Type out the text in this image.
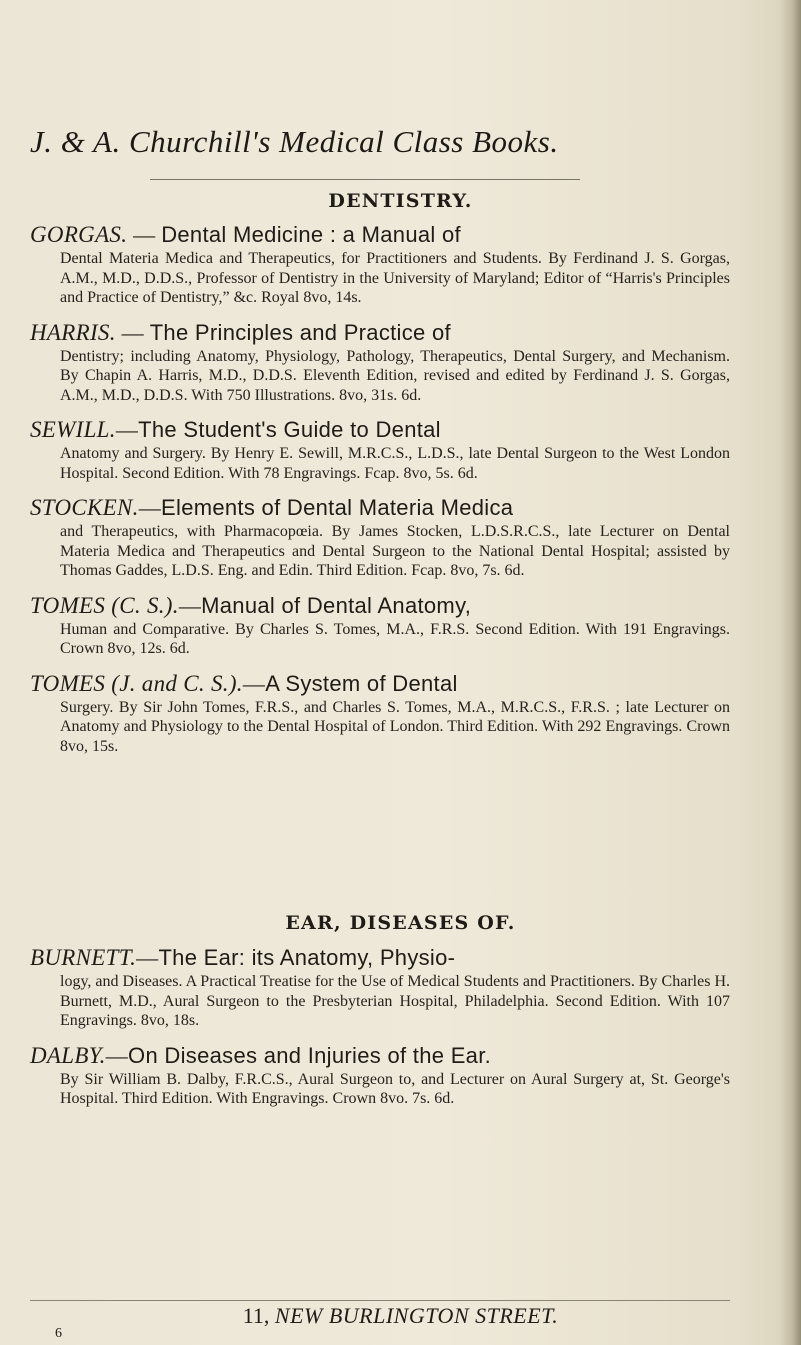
J. & A. Churchill's Medical Class Books.
DENTISTRY.
GORGAS. — Dental Medicine : a Manual of
Dental Materia Medica and Therapeutics, for Practitioners and Students. By Ferdinand J. S. Gorgas, A.M., M.D., D.D.S., Professor of Dentistry in the University of Maryland; Editor of “Harris's Principles and Practice of Dentistry,” &c. Royal 8vo, 14s.
HARRIS. — The Principles and Practice of
Dentistry; including Anatomy, Physiology, Pathology, Therapeutics, Dental Surgery, and Mechanism. By Chapin A. Harris, M.D., D.D.S. Eleventh Edition, revised and edited by Ferdinand J. S. Gorgas, A.M., M.D., D.D.S. With 750 Illustrations. 8vo, 31s. 6d.
SEWILL.—The Student's Guide to Dental
Anatomy and Surgery. By Henry E. Sewill, M.R.C.S., L.D.S., late Dental Surgeon to the West London Hospital. Second Edition. With 78 Engravings. Fcap. 8vo, 5s. 6d.
STOCKEN.—Elements of Dental Materia Medica
and Therapeutics, with Pharmacopœia. By James Stocken, L.D.S.R.C.S., late Lecturer on Dental Materia Medica and Therapeutics and Dental Surgeon to the National Dental Hospital; assisted by Thomas Gaddes, L.D.S. Eng. and Edin. Third Edition. Fcap. 8vo, 7s. 6d.
TOMES (C. S.).—Manual of Dental Anatomy,
Human and Comparative. By Charles S. Tomes, M.A., F.R.S. Second Edition. With 191 Engravings. Crown 8vo, 12s. 6d.
TOMES (J. and C. S.).—A System of Dental
Surgery. By Sir John Tomes, F.R.S., and Charles S. Tomes, M.A., M.R.C.S., F.R.S. ; late Lecturer on Anatomy and Physiology to the Dental Hospital of London. Third Edition. With 292 Engravings. Crown 8vo, 15s.
EAR, DISEASES OF.
BURNETT.—The Ear: its Anatomy, Physio-
logy, and Diseases. A Practical Treatise for the Use of Medical Students and Practitioners. By Charles H. Burnett, M.D., Aural Surgeon to the Presbyterian Hospital, Philadelphia. Second Edition. With 107 Engravings. 8vo, 18s.
DALBY.—On Diseases and Injuries of the Ear.
By Sir William B. Dalby, F.R.C.S., Aural Surgeon to, and Lecturer on Aural Surgery at, St. George's Hospital. Third Edition. With Engravings. Crown 8vo. 7s. 6d.
11, NEW BURLINGTON STREET.
6
